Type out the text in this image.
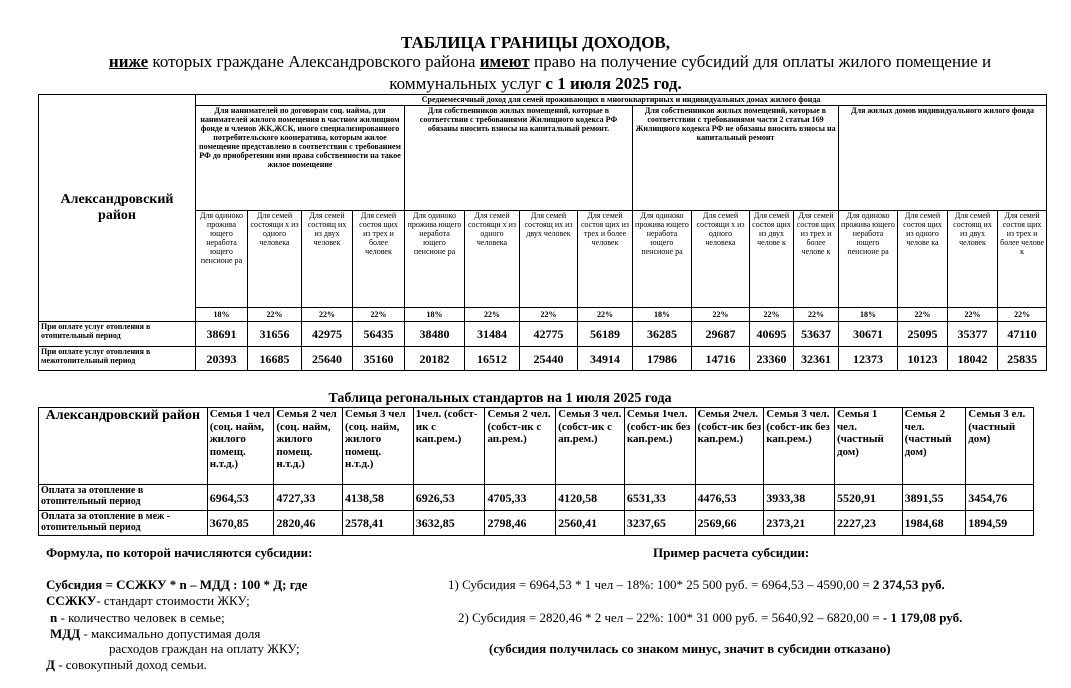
ТАБЛИЦА ГРАНИЦЫ ДОХОДОВ,
ниже которых граждане Александровского района имеют право на получение субсидий для оплаты жилого помещение и
коммунальных услуг с 1 июля 2025 год.
Александровский район	Среднемесячный доход для семей проживающих в многоквартирных и индивидуальных домах жилого фонда															
	Для нанимателей по договорам соц. найма, для нанимателей жилого помещения в частном жилищном фонде и членов ЖК,ЖСК, иного специализированного потребительского кооператива, которым жилое помещение представлено в соответствии с требованием РФ до приобретении ими права собственности на такое жилое помещение				Для собственников жилых помещений, которые в соответствии с требованиями Жилищного кодекса РФ обязаны вносить взносы на капитальный ремонт.				Для собственников жилых помещений, которые в соответствии с требованиями части 2 статьи 169 Жилищного кодекса РФ не обязаны вносить взносы на капитальный ремонт				Для жилых домов индивидуального жилого фонда			
	Для одиноко прожива ющего неработа ющего пенсионе ра	Для семей состоящи х из одного человека	Для семей состоящ их из двух человек	Для семей состоя щих из трех и более человек	Для одиноко прожива ющего неработа ющего пенсионе ра	Для семей состоящи х из одного человека	Для семей состоящ их из двух человек	Для семей состоя щих из трех и более человек	Для одиноко прожива ющего неработа ющего пенсионе ра	Для семей состоящи х из одного человека	Для семей состоя щих из двух челове к	Для семей состоя щих из трех и более челове к	Для одиноко прожива ющего неработа ющего пенсионе ра	Для семей состоя щих из одного челове ка	Для семей состоящ их из двух человек	Для семей состоя щих из трех и более челове к
	18%	22%	22%	22%	18%	22%	22%	22%	18%	22%	22%	22%	18%	22%	22%	22%
При оплате услуг отопления в отопительный период	38691	31656	42975	56435	38480	31484	42775	56189	36285	29687	40695	53637	30671	25095	35377	47110
При оплате услуг отопления в межотопительный период	20393	16685	25640	35160	20182	16512	25440	34914	17986	14716	23360	32361	12373	10123	18042	25835
Таблица регональных стандартов на 1 июля 2025 года
Александровский район	Семья 1 чел (соц. найм, жилого помещ. н.т.д.)	Семья 2 чел (соц. найм, жилого помещ. н.т.д.)	Семья 3 чел (соц. найм, жилого помещ. н.т.д.)	1чел. (собст-ик с кап.рем.)	Семья 2 чел. (собст-ик с ап.рем.)	Семья 3 чел. (собст-ик с ап.рем.)	Семья 1чел. (собст-ик без кап.рем.)	Семья 2чел. (собст-ик без кап.рем.)	Семья 3 чел. (собст-ик без кап.рем.)	Семья 1 чел. (частный дом)	Семья 2 чел. (частный дом)	Семья 3 ел. (частный дом)
Оплата за отопление в отопительный период	6964,53	4727,33	4138,58	6926,53	4705,33	4120,58	6531,33	4476,53	3933,38	5520,91	3891,55	3454,76
Оплата за отопление в меж - отопительный период	3670,85	2820,46	2578,41	3632,85	2798,46	2560,41	3237,65	2569,66	2373,21	2227,23	1984,68	1894,59
Формула, по которой начисляются субсидии:
Субсидия = ССЖКУ * n – МДД : 100 * Д; где
ССЖКУ- стандарт стоимости ЖКУ;
n - количество человек в семье;
МДД - максимально допустимая доля
расходов граждан на оплату ЖКУ;
Д - совокупный доход семьи.
Пример расчета субсидии:
1) Субсидия = 6964,53 * 1 чел – 18%: 100* 25 500 руб. = 6964,53 – 4590,00 = 2 374,53 руб.
2) Субсидия = 2820,46 * 2 чел – 22%: 100* 31 000 руб. = 5640,92 – 6820,00 = - 1 179,08 руб.
(субсидия получилась со знаком минус, значит в субсидии отказано)
